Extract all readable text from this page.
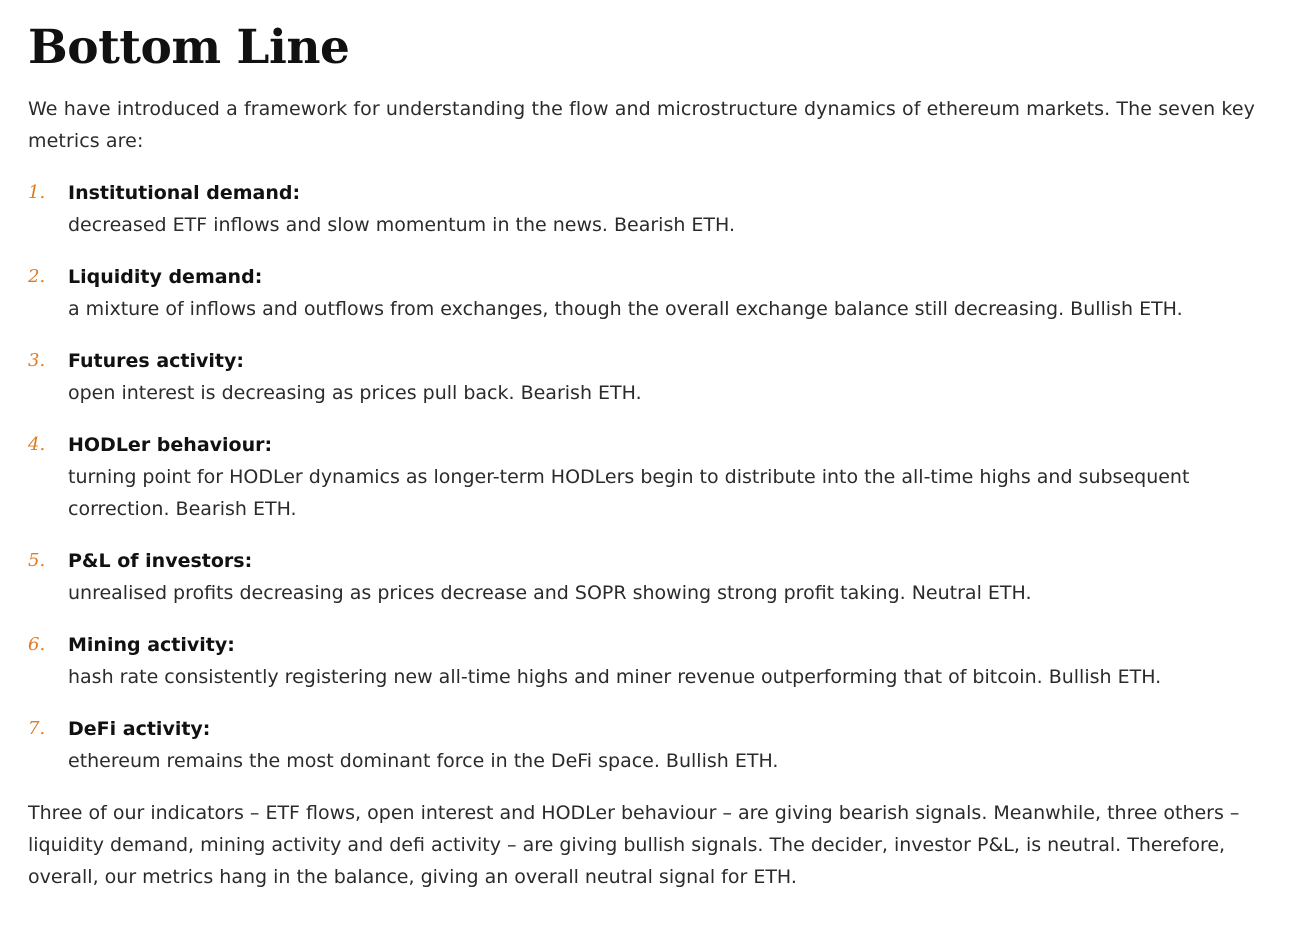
Bottom Line

We have introduced a framework for understanding the flow and microstructure dynamics of ethereum markets. The seven key metrics are:

1. Institutional demand:
decreased ETF inflows and slow momentum in the news. Bearish ETH.
2. Liquidity demand:
a mixture of inflows and outflows from exchanges, though the overall exchange balance still decreasing. Bullish ETH.
3. Futures activity:
open interest is decreasing as prices pull back. Bearish ETH.
4. HODLer behaviour:
turning point for HODLer dynamics as longer-term HODLers begin to distribute into the all-time highs and subsequent correction. Bearish ETH.
5. P&L of investors:
unrealised profits decreasing as prices decrease and SOPR showing strong profit taking. Neutral ETH.
6. Mining activity:
hash rate consistently registering new all-time highs and miner revenue outperforming that of bitcoin. Bullish ETH.
7. DeFi activity:
ethereum remains the most dominant force in the DeFi space. Bullish ETH.

Three of our indicators – ETF flows, open interest and HODLer behaviour – are giving bearish signals. Meanwhile, three others – liquidity demand, mining activity and defi activity – are giving bullish signals. The decider, investor P&L, is neutral. Therefore, overall, our metrics hang in the balance, giving an overall neutral signal for ETH.
